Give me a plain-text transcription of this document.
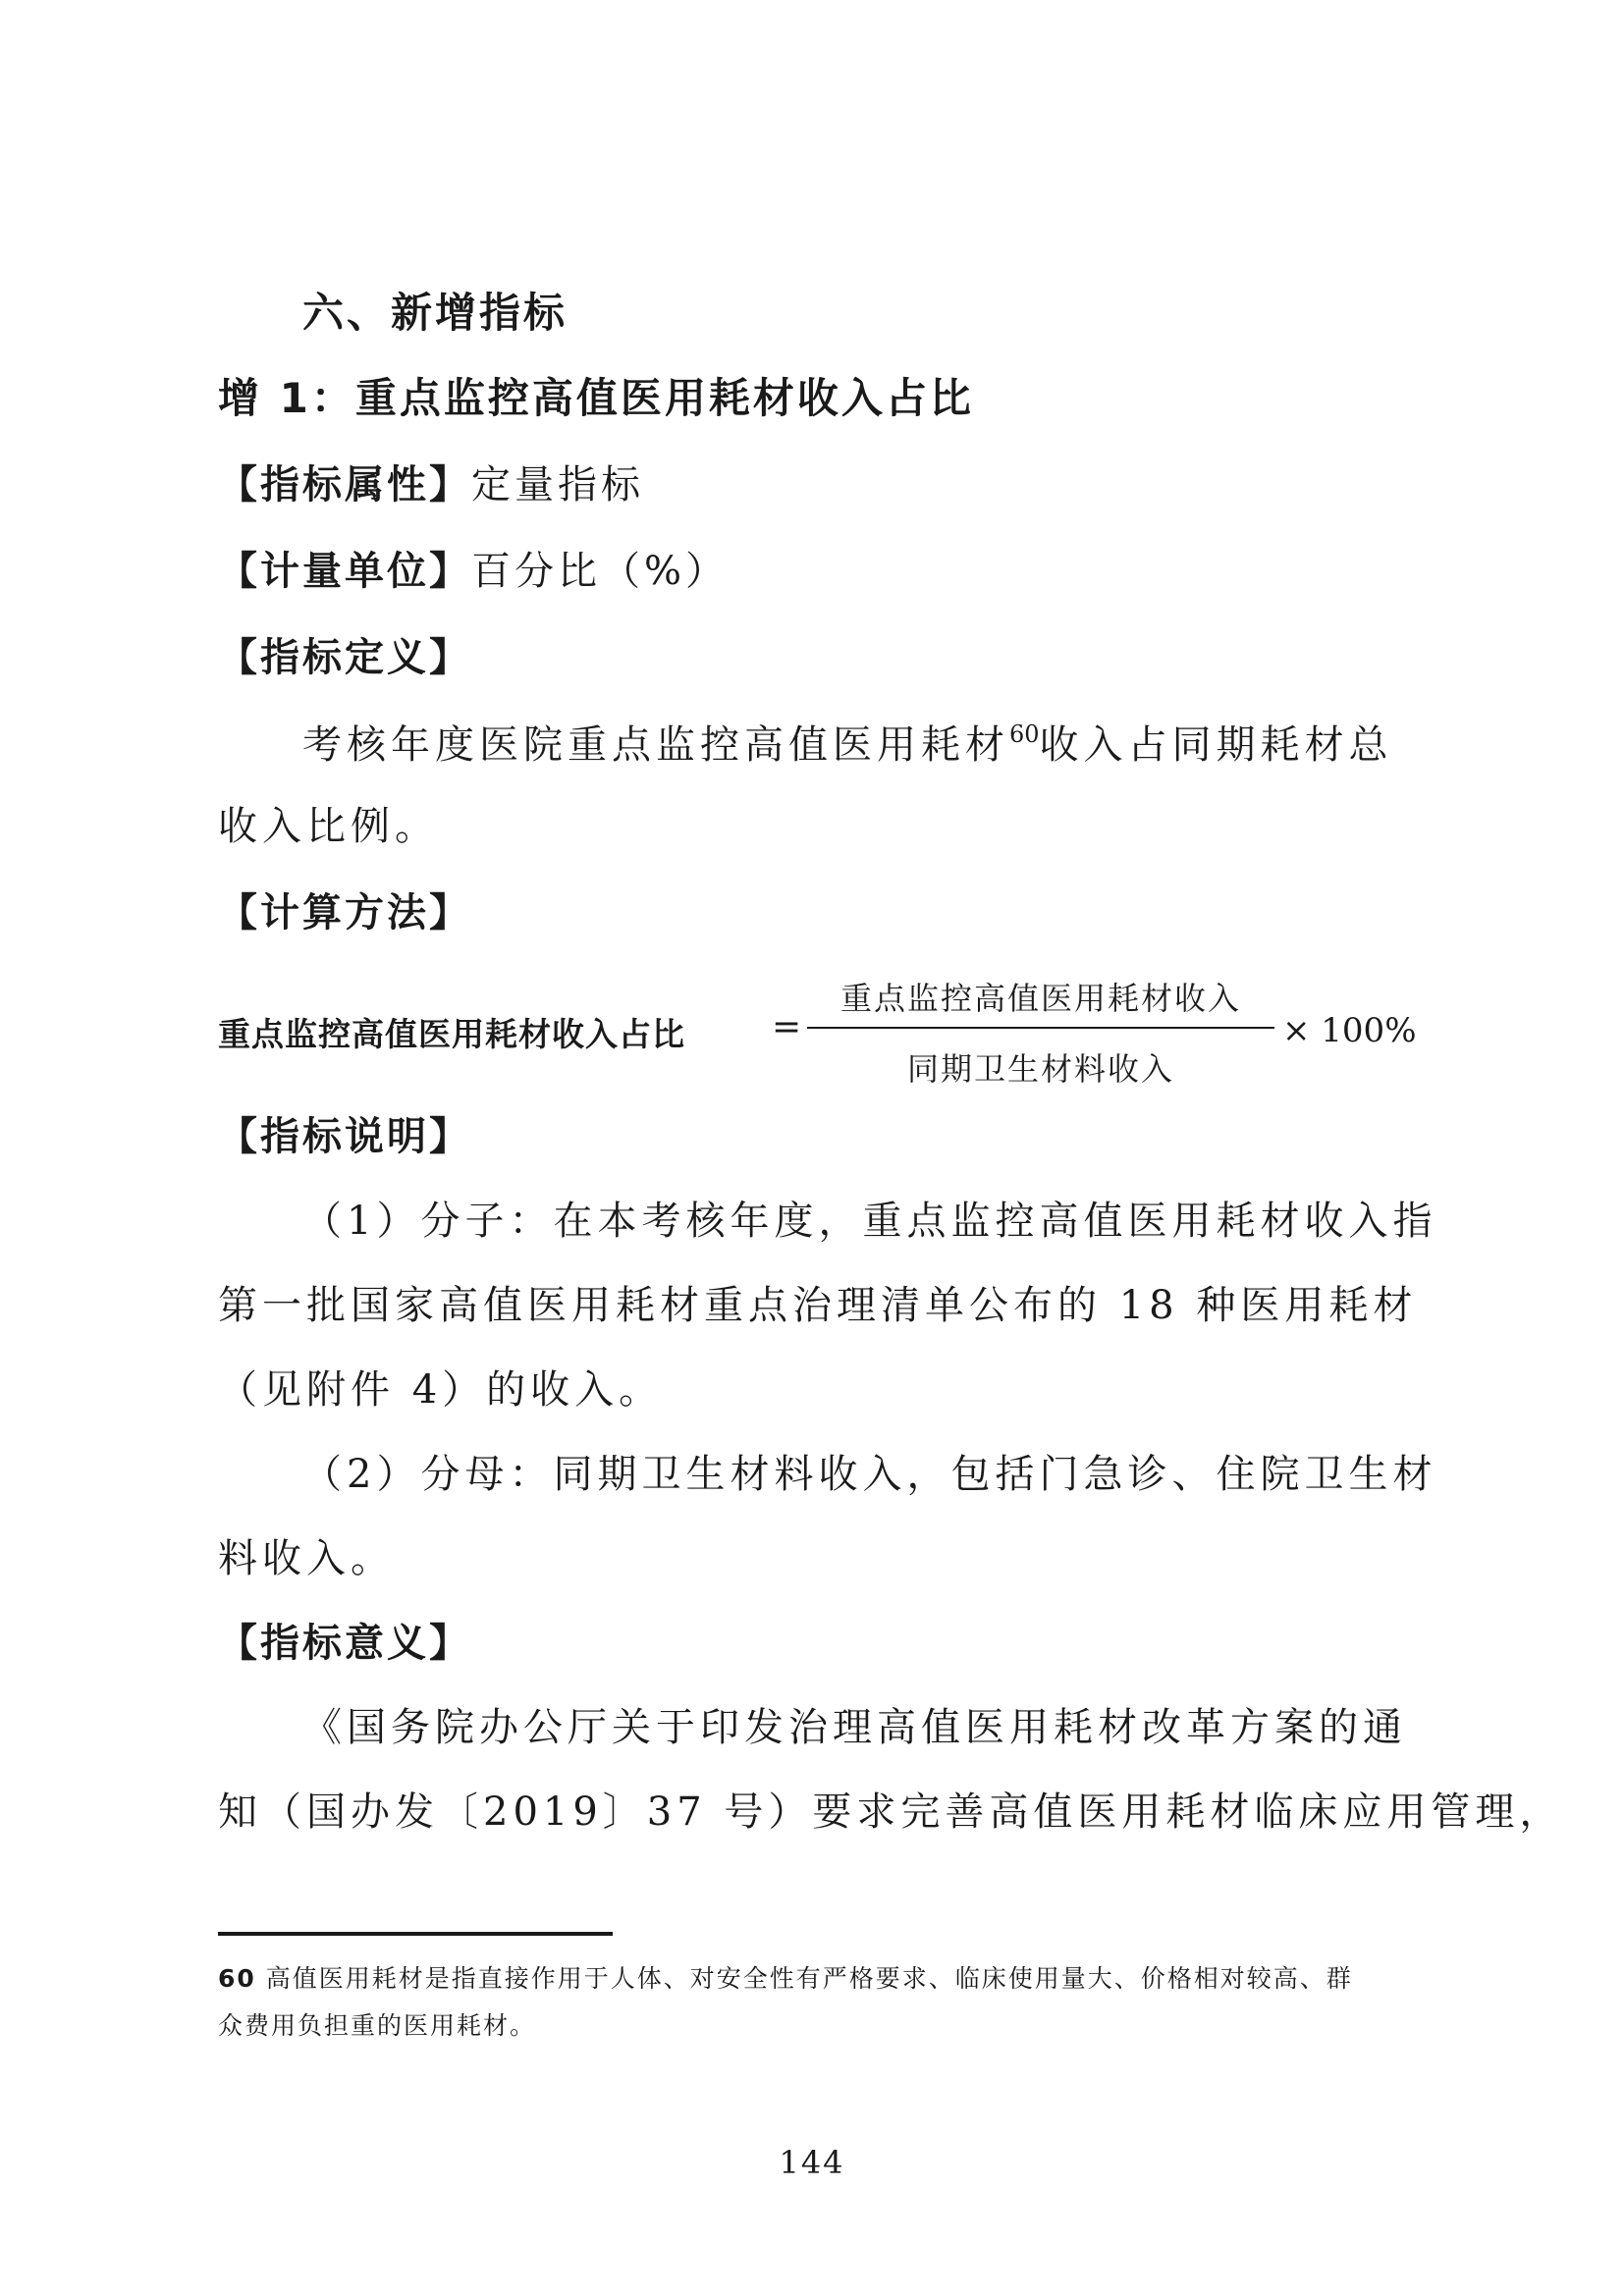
六、新增指标
增 1：重点监控高值医用耗材收入占比
【指标属性】定量指标
【计量单位】百分比（%）
【指标定义】
考核年度医院重点监控高值医用耗材$^{60}$收入占同期耗材总
收入比例。
【计算方法】
重点监控高值医用耗材收入占比 =
重点监控高值医用耗材收入
同期卫生材料收入
× 100%
【指标说明】
（1）分子：在本考核年度，重点监控高值医用耗材收入指
第一批国家高值医用耗材重点治理清单公布的 18 种医用耗材
（见附件 4）的收入。
（2）分母：同期卫生材料收入，包括门急诊、住院卫生材
料收入。
【指标意义】
《国务院办公厅关于印发治理高值医用耗材改革方案的通
知（国办发〔2019〕37 号）要求完善高值医用耗材临床应用管理，
60 高值医用耗材是指直接作用于人体、对安全性有严格要求、临床使用量大、价格相对较高、群
众费用负担重的医用耗材。
144
